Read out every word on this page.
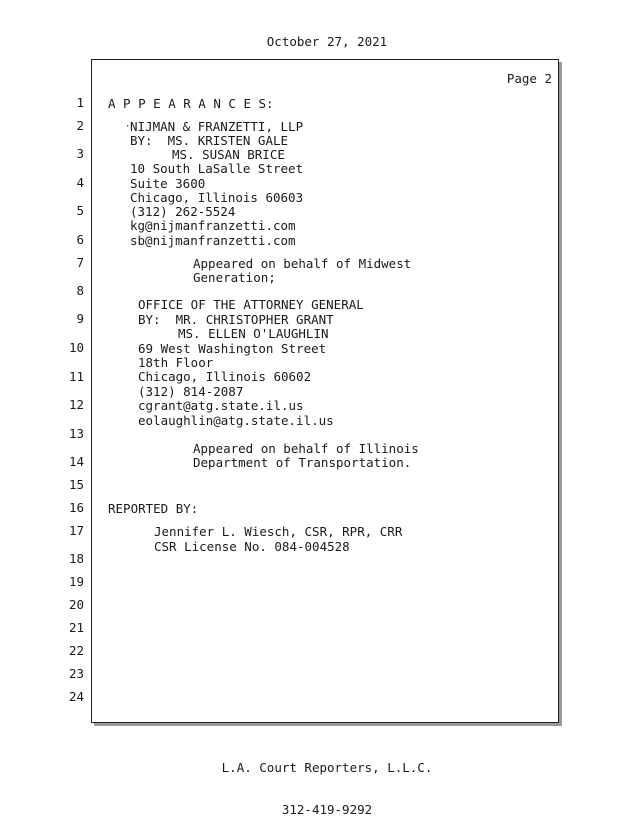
October 27, 2021
Page 2
A P P E A R A N C E S:
· NIJMAN & FRANZETTI, LLP
BY:  MS. KRISTEN GALE
MS. SUSAN BRICE
10 South LaSalle Street
Suite 3600
Chicago, Illinois 60603
(312) 262-5524
kg@nijmanfranzetti.com
sb@nijmanfranzetti.com
Appeared on behalf of Midwest
Generation;
OFFICE OF THE ATTORNEY GENERAL
BY:  MR. CHRISTOPHER GRANT
MS. ELLEN O'LAUGHLIN
69 West Washington Street
18th Floor
Chicago, Illinois 60602
(312) 814-2087
cgrant@atg.state.il.us
eolaughlin@atg.state.il.us
Appeared on behalf of Illinois
Department of Transportation.
REPORTED BY:
Jennifer L. Wiesch, CSR, RPR, CRR
CSR License No. 084-004528
1
2
3
4
5
6
7
8
9
10
11
12
13
14
15
16
17
18
19
20
21
22
23
24

L.A. Court Reporters, L.L.C.

312-419-9292
